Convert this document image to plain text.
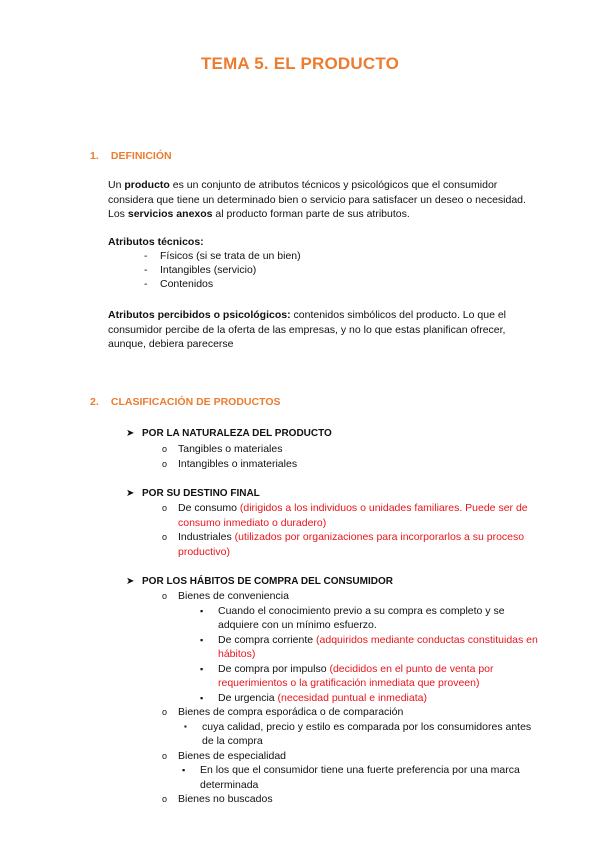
TEMA 5. EL PRODUCTO
1. DEFINICIÓN
Un producto es un conjunto de atributos técnicos y psicológicos que el consumidor considera que tiene un determinado bien o servicio para satisfacer un deseo o necesidad. Los servicios anexos al producto forman parte de sus atributos.
Atributos técnicos:
- Físicos (si se trata de un bien)
- Intangibles (servicio)
- Contenidos
Atributos percibidos o psicológicos: contenidos simbólicos del producto. Lo que el consumidor percibe de la oferta de las empresas, y no lo que estas planifican ofrecer, aunque, debiera parecerse
2. CLASIFICACIÓN DE PRODUCTOS
➤ POR LA NATURALEZA DEL PRODUCTO
o Tangibles o materiales
o Intangibles o inmateriales
➤ POR SU DESTINO FINAL
o De consumo (dirigidos a los individuos o unidades familiares. Puede ser de consumo inmediato o duradero)
o Industriales (utilizados por organizaciones para incorporarlos a su proceso productivo)
➤ POR LOS HÁBITOS DE COMPRA DEL CONSUMIDOR
o Bienes de conveniencia
▪ Cuando el conocimiento previo a su compra es completo y se adquiere con un mínimo esfuerzo.
▪ De compra corriente (adquiridos mediante conductas constituidas en hábitos)
▪ De compra por impulso (decididos en el punto de venta por requerimientos o la gratificación inmediata que proveen)
▪ De urgencia (necesidad puntual e inmediata)
o Bienes de compra esporádica o de comparación
▪ cuya calidad, precio y estilo es comparada por los consumidores antes de la compra
o Bienes de especialidad
▪ En los que el consumidor tiene una fuerte preferencia por una marca determinada
o Bienes no buscados
